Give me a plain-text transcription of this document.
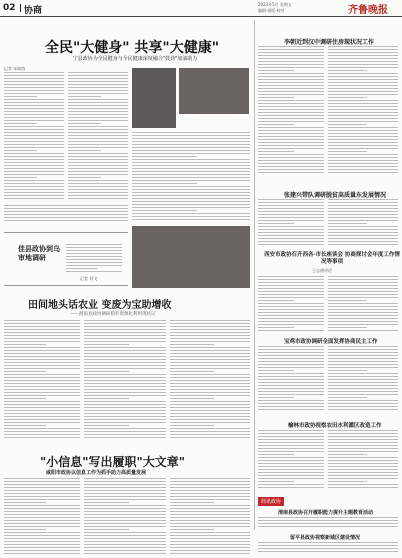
02 协商
2023年5月 星期五
编辑·排版·校对	齐鲁晚报
全民"大健身" 共享"大健康"
宁县政协为全民健身与全民健康深度融合"鼓劲"加油助力
记者 宋政协
李朝近到汉中调研住房现状况工作
张建兴带队调研脱贫高质量东发展情况
西安市政协召开西各·市长座谈会 协商探讨会年度工作情况等事项
王志德讲话
宝鸡市政协调研全面发挥协商民主工作
榆林市政协视察农田水利灌区改造工作
简讯政协
渭南县政协召开履职能力提升主题教育活动
留平县政协视察新城区建设情况
佳县政协到乌审地调研
记者 刘飞
田间地头话农业 变废为宝助增收
——渭南县政协调研秸秆资源化利用现状记
"小信息"写出履职"大文章"
咸阳市政协以信息工作为抓手助力高质量发展
